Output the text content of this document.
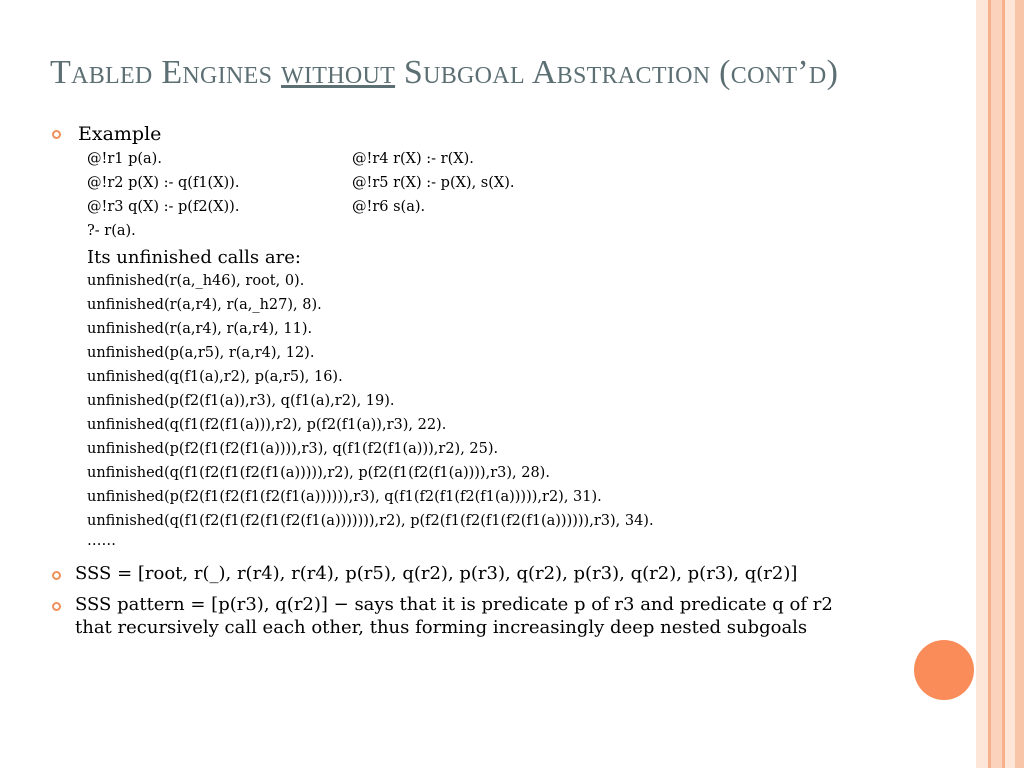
Tabled Engines without Subgoal Abstraction (cont’d)
Example
@!r1 p(a).
@!r2 p(X) :- q(f1(X)).
@!r3 q(X) :- p(f2(X)).
?- r(a).
@!r4 r(X) :- r(X).
@!r5 r(X) :- p(X), s(X).
@!r6 s(a).
Its unfinished calls are:
unfinished(r(a,_h46), root, 0).
unfinished(r(a,r4), r(a,_h27), 8).
unfinished(r(a,r4), r(a,r4), 11).
unfinished(p(a,r5), r(a,r4), 12).
unfinished(q(f1(a),r2), p(a,r5), 16).
unfinished(p(f2(f1(a)),r3), q(f1(a),r2), 19).
unfinished(q(f1(f2(f1(a))),r2), p(f2(f1(a)),r3), 22).
unfinished(p(f2(f1(f2(f1(a)))),r3), q(f1(f2(f1(a))),r2), 25).
unfinished(q(f1(f2(f1(f2(f1(a))))),r2), p(f2(f1(f2(f1(a)))),r3), 28).
unfinished(p(f2(f1(f2(f1(f2(f1(a)))))),r3), q(f1(f2(f1(f2(f1(a))))),r2), 31).
unfinished(q(f1(f2(f1(f2(f1(f2(f1(a))))))),r2), p(f2(f1(f2(f1(f2(f1(a)))))),r3), 34).
……
SSS = [root, r(_), r(r4), r(r4), p(r5), q(r2), p(r3), q(r2), p(r3), q(r2), p(r3), q(r2)]
SSS pattern = [p(r3), q(r2)] − says that it is predicate p of r3 and predicate q of r2
that recursively call each other, thus forming increasingly deep nested subgoals
